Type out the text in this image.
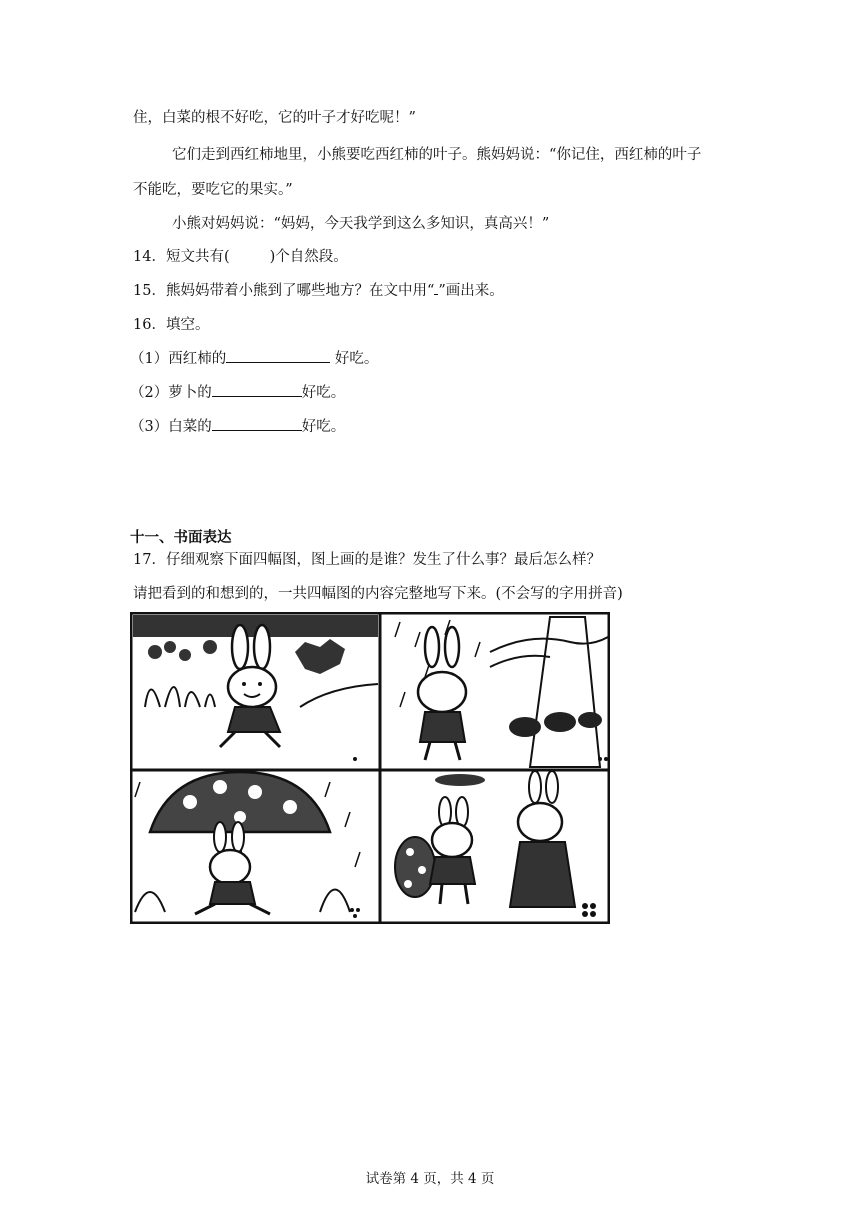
住，白菜的根不好吃，它的叶子才好吃呢！”
它们走到西红柿地里，小熊要吃西红柿的叶子。熊妈妈说：“你记住，西红柿的叶子
不能吃，要吃它的果实。”
小熊对妈妈说：“妈妈，今天我学到这么多知识，真高兴！”
14．短文共有(	)个自然段。
15．熊妈妈带着小熊到了哪些地方？在文中用“ ”画出来。
16．填空。
（1）西红柿的	好吃。
（2）萝卜的	好吃。
（3）白菜的	好吃。
十一、书面表达
17．仔细观察下面四幅图，图上画的是谁？发生了什么事？最后怎么样？
请把看到的和想到的，一共四幅图的内容完整地写下来。(不会写的字用拼音)
试卷第 4 页，共 4 页
